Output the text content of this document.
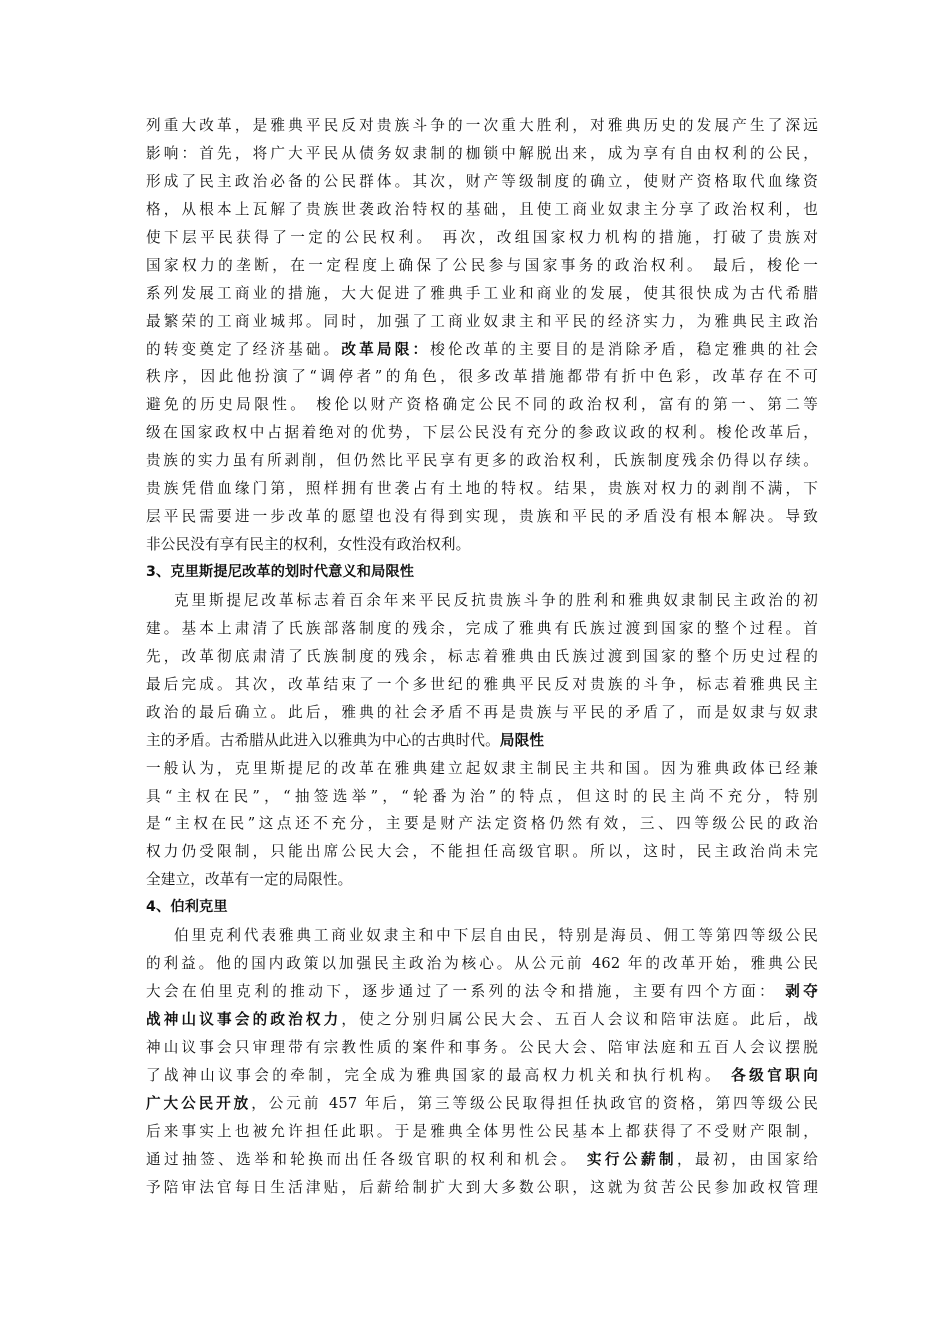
列重大改革，是雅典平民反对贵族斗争的一次重大胜利，对雅典历史的发展产生了深远
影响：首先，将广大平民从债务奴隶制的枷锁中解脱出来，成为享有自由权利的公民，
形成了民主政治必备的公民群体。其次，财产等级制度的确立，使财产资格取代血缘资
格，从根本上瓦解了贵族世袭政治特权的基础，且使工商业奴隶主分享了政治权利，也
使下层平民获得了一定的公民权利。 再次，改组国家权力机构的措施，打破了贵族对
国家权力的垄断，在一定程度上确保了公民参与国家事务的政治权利。 最后，梭伦一
系列发展工商业的措施，大大促进了雅典手工业和商业的发展，使其很快成为古代希腊
最繁荣的工商业城邦。同时，加强了工商业奴隶主和平民的经济实力，为雅典民主政治
的转变奠定了经济基础。改革局限：梭伦改革的主要目的是消除矛盾，稳定雅典的社会
秩序，因此他扮演了“调停者”的角色，很多改革措施都带有折中色彩，改革存在不可
避免的历史局限性。 梭伦以财产资格确定公民不同的政治权利，富有的第一、第二等
级在国家政权中占据着绝对的优势，下层公民没有充分的参政议政的权利。梭伦改革后，
贵族的实力虽有所剥削，但仍然比平民享有更多的政治权利，氏族制度残余仍得以存续。
贵族凭借血缘门第，照样拥有世袭占有土地的特权。结果，贵族对权力的剥削不满，下
层平民需要进一步改革的愿望也没有得到实现，贵族和平民的矛盾没有根本解决。导致
非公民没有享有民主的权利，女性没有政治权利。
3、克里斯提尼改革的划时代意义和局限性
克里斯提尼改革标志着百余年来平民反抗贵族斗争的胜利和雅典奴隶制民主政治的初
建。基本上肃清了氏族部落制度的残余，完成了雅典有氏族过渡到国家的整个过程。首
先，改革彻底肃清了氏族制度的残余，标志着雅典由氏族过渡到国家的整个历史过程的
最后完成。其次，改革结束了一个多世纪的雅典平民反对贵族的斗争，标志着雅典民主
政治的最后确立。此后，雅典的社会矛盾不再是贵族与平民的矛盾了，而是奴隶与奴隶
主的矛盾。古希腊从此进入以雅典为中心的古典时代。局限性
一般认为，克里斯提尼的改革在雅典建立起奴隶主制民主共和国。因为雅典政体已经兼
具“主权在民”，“抽签选举”，“轮番为治”的特点，但这时的民主尚不充分，特别
是“主权在民”这点还不充分，主要是财产法定资格仍然有效，三、四等级公民的政治
权力仍受限制，只能出席公民大会，不能担任高级官职。所以，这时，民主政治尚未完
全建立，改革有一定的局限性。
4、伯利克里
伯里克利代表雅典工商业奴隶主和中下层自由民，特别是海员、佣工等第四等级公民
的利益。他的国内政策以加强民主政治为核心。从公元前 462 年的改革开始，雅典公民
大会在伯里克利的推动下，逐步通过了一系列的法令和措施，主要有四个方面： 剥夺
战神山议事会的政治权力，使之分别归属公民大会、五百人会议和陪审法庭。此后，战
神山议事会只审理带有宗教性质的案件和事务。公民大会、陪审法庭和五百人会议摆脱
了战神山议事会的牵制，完全成为雅典国家的最高权力机关和执行机构。 各级官职向
广大公民开放，公元前 457 年后，第三等级公民取得担任执政官的资格，第四等级公民
后来事实上也被允许担任此职。于是雅典全体男性公民基本上都获得了不受财产限制，
通过抽签、选举和轮换而出任各级官职的权利和机会。 实行公薪制，最初，由国家给
予陪审法官每日生活津贴，后薪给制扩大到大多数公职，这就为贫苦公民参加政权管理
